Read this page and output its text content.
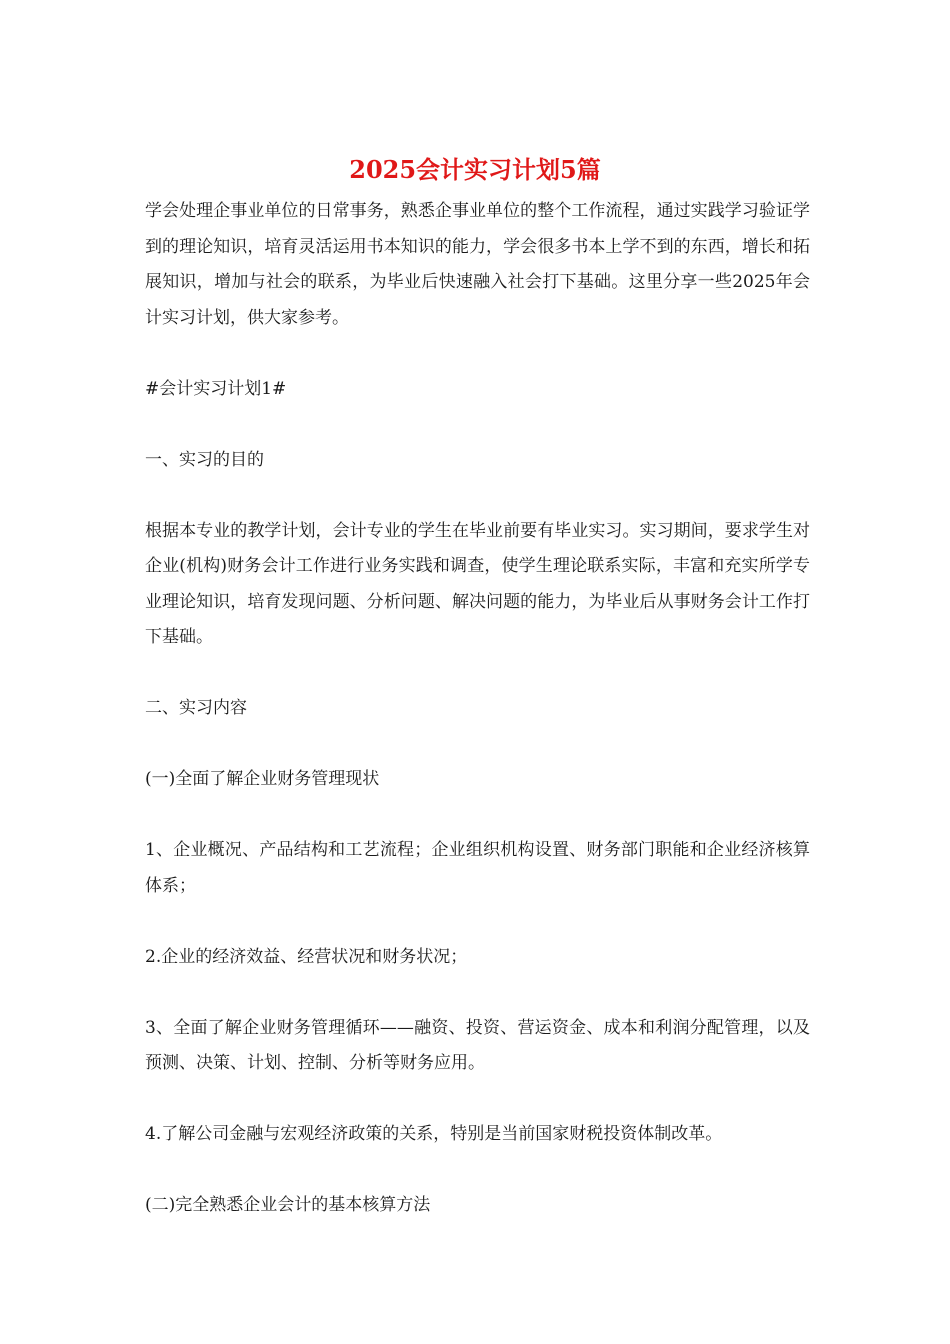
2025会计实习计划5篇

学会处理企事业单位的日常事务，熟悉企事业单位的整个工作流程，通过实践学习验证学到的理论知识，培育灵活运用书本知识的能力，学会很多书本上学不到的东西，增长和拓展知识，增加与社会的联系，为毕业后快速融入社会打下基础。这里分享一些2025年会计实习计划，供大家参考。

#会计实习计划1#

一、实习的目的

根据本专业的教学计划，会计专业的学生在毕业前要有毕业实习。实习期间，要求学生对企业(机构)财务会计工作进行业务实践和调查，使学生理论联系实际，丰富和充实所学专业理论知识，培育发现问题、分析问题、解决问题的能力，为毕业后从事财务会计工作打下基础。

二、实习内容

(一)全面了解企业财务管理现状

1、企业概况、产品结构和工艺流程；企业组织机构设置、财务部门职能和企业经济核算体系；

2.企业的经济效益、经营状况和财务状况；

3、全面了解企业财务管理循环——融资、投资、营运资金、成本和利润分配管理，以及预测、决策、计划、控制、分析等财务应用。

4.了解公司金融与宏观经济政策的关系，特别是当前国家财税投资体制改革。

(二)完全熟悉企业会计的基本核算方法
